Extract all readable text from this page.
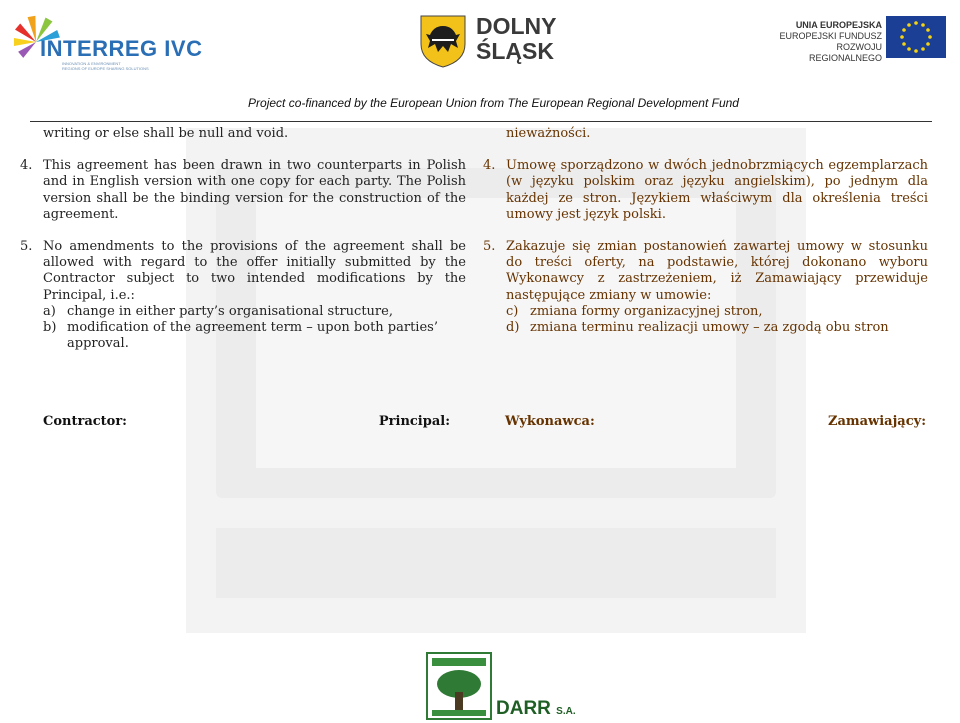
INTERREG IVC
INNOVATION & ENVIRONMENT
REGIONS OF EUROPE SHARING SOLUTIONS
DOLNY
ŚLĄSK
UNIA EUROPEJSKA
EUROPEJSKI FUNDUSZ
ROZWOJU REGIONALNEGO
Project co-financed by the European Union from The European Regional Development Fund

writing or else shall be null and void.

4. This agreement has been drawn in two counterparts in Polish and in English version with one copy for each party. The Polish version shall be the binding version for the construction of the agreement.
5. No amendments to the provisions of the agreement shall be allowed with regard to the offer initially submitted by the Contractor subject to two intended modifications by the Principal, i.e.:
a) change in either party’s organisational structure,
b) modification of the agreement term – upon both parties’ approval.

nieważności.

4. Umowę sporządzono w dwóch jednobrzmiących egzemplarzach (w języku polskim oraz języku angielskim), po jednym dla każdej ze stron. Językiem właściwym dla określenia treści umowy jest język polski.
5. Zakazuje się zmian postanowień zawartej umowy w stosunku do treści oferty, na podstawie, której dokonano wyboru Wykonawcy z zastrzeżeniem, iż Zamawiający przewiduje następujące zmiany w umowie:
c) zmiana formy organizacyjnej stron,
d) zmiana terminu realizacji umowy – za zgodą obu stron
Contractor:	Principal:	Wykonawca:	Zamawiający:
DARR S.A.
